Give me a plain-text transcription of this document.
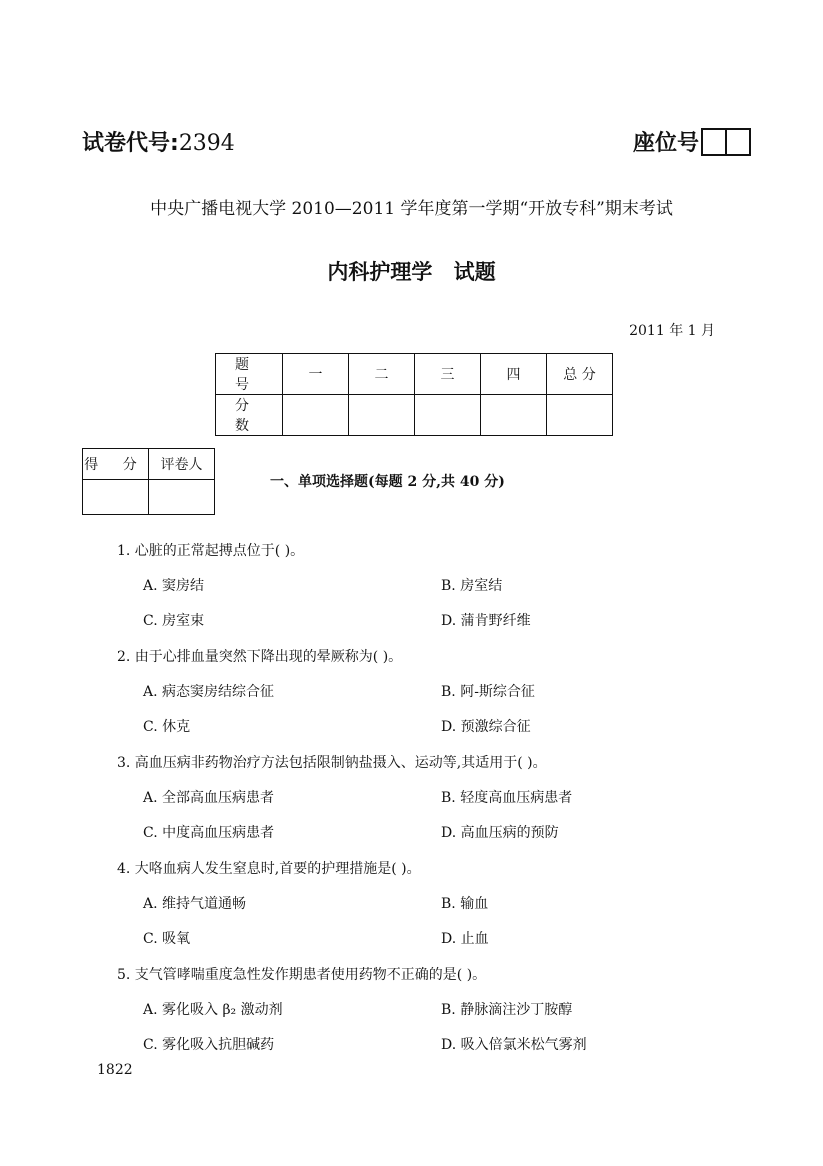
试卷代号:2394	座位号
中央广播电视大学 2010—2011 学年度第一学期“开放专科”期末考试
内科护理学 试题
2011 年 1 月
题 号	一	二	三	四	总 分
分 数					
得 分	评卷人

一、单项选择题(每题 2 分,共 40 分)
1. 心脏的正常起搏点位于( )。
A. 窦房结	B. 房室结
C. 房室束	D. 蒲肯野纤维
2. 由于心排血量突然下降出现的晕厥称为( )。
A. 病态窦房结综合征	B. 阿-斯综合征
C. 休克	D. 预激综合征
3. 高血压病非药物治疗方法包括限制钠盐摄入、运动等,其适用于( )。
A. 全部高血压病患者	B. 轻度高血压病患者
C. 中度高血压病患者	D. 高血压病的预防
4. 大咯血病人发生窒息时,首要的护理措施是( )。
A. 维持气道通畅	B. 输血
C. 吸氧	D. 止血
5. 支气管哮喘重度急性发作期患者使用药物不正确的是( )。
A. 雾化吸入 β₂ 激动剂	B. 静脉滴注沙丁胺醇
C. 雾化吸入抗胆碱药	D. 吸入倍氯米松气雾剂
1822
